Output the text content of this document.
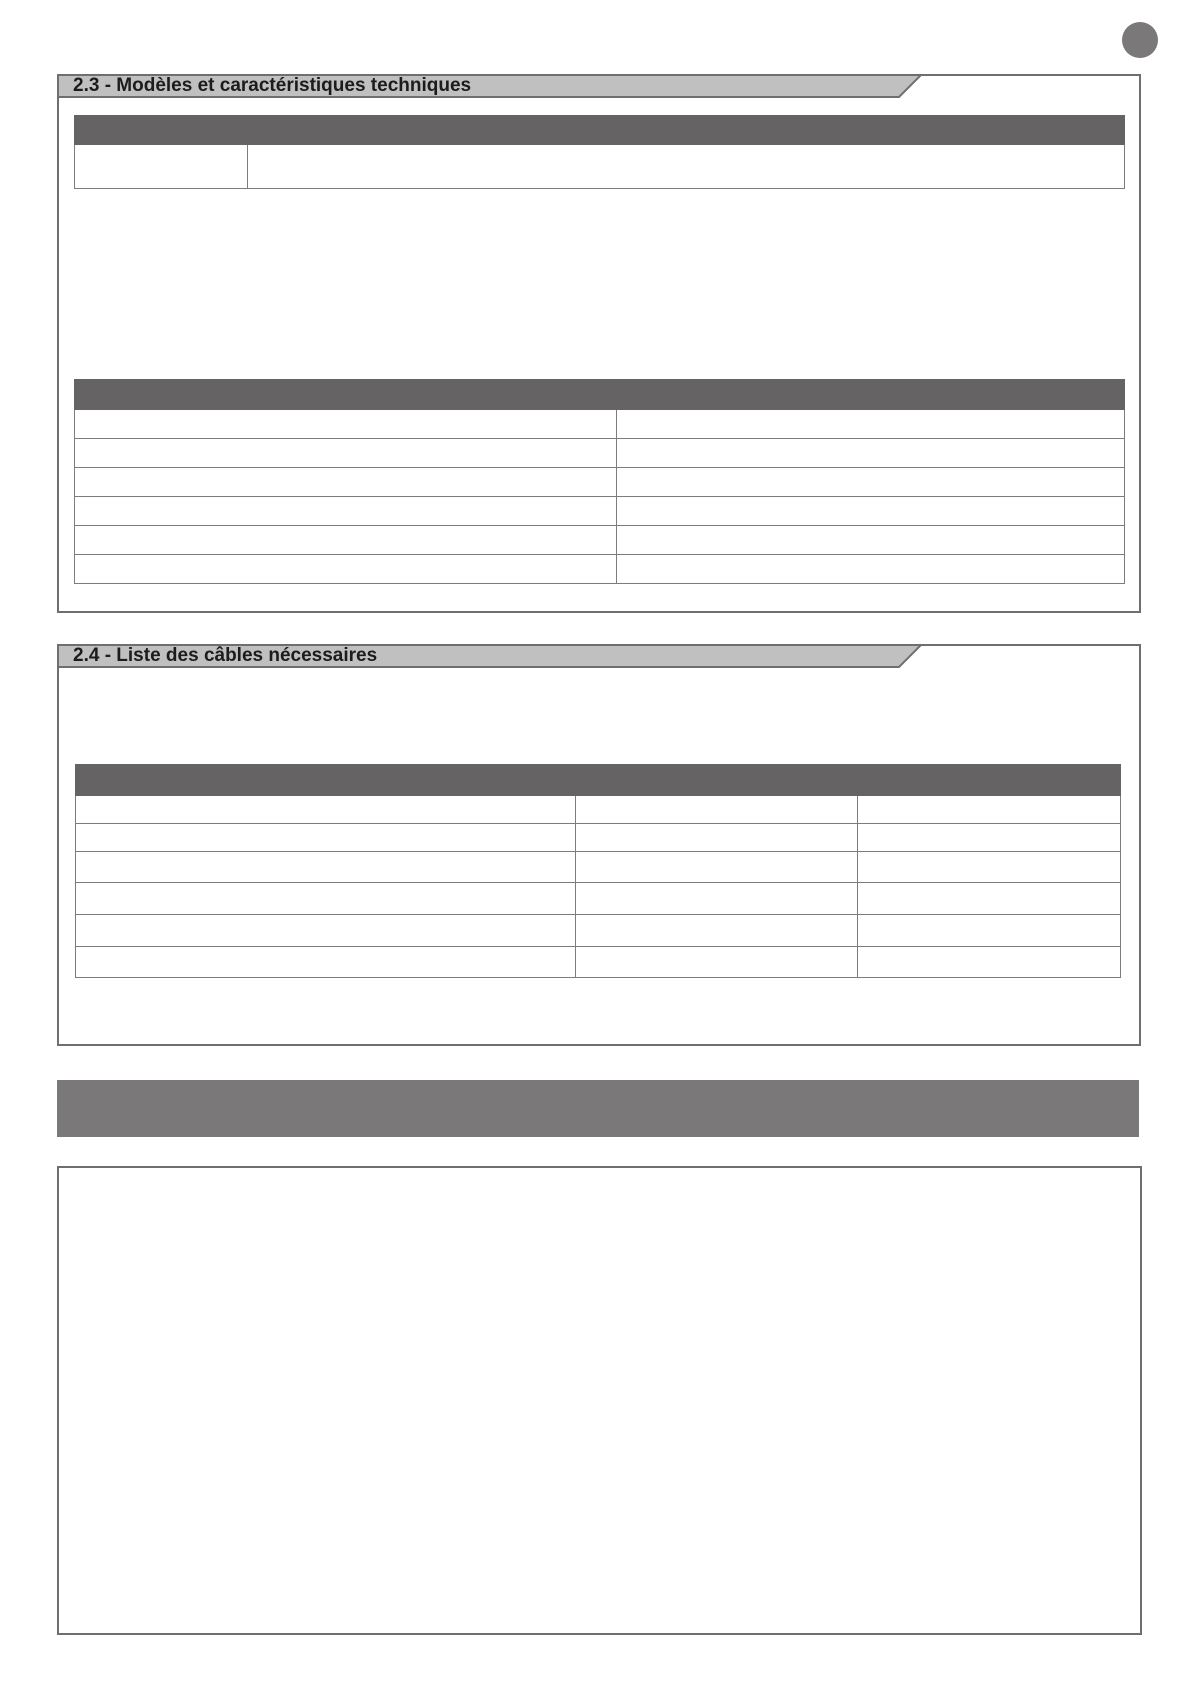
2.3 - Modèles et caractéristiques techniques

2.4 - Liste des câbles nécessaires
